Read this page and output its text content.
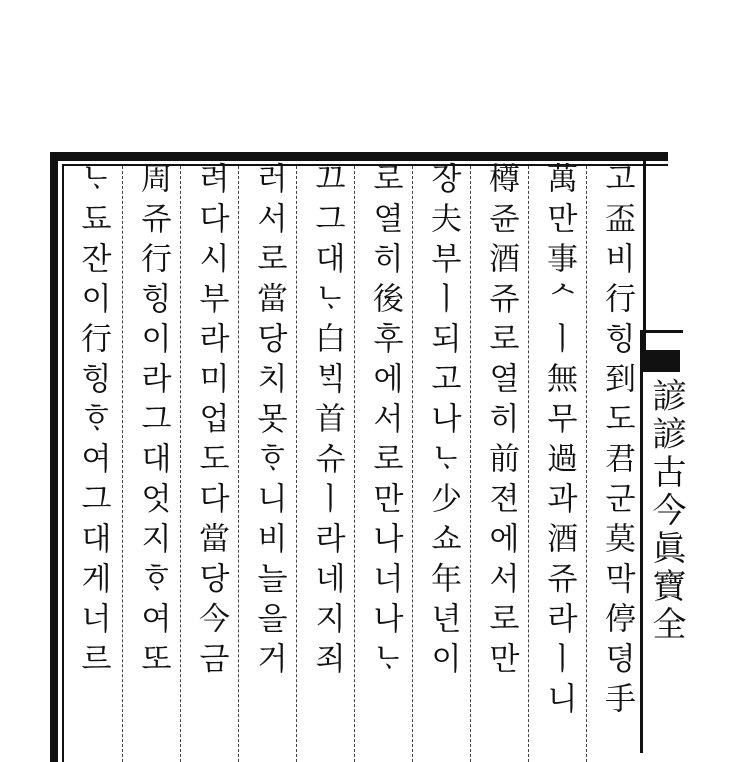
고盃비行힝到도君군莫막停뎡手
萬만事ᄉㅣ無무過과酒쥬라ㅣ니
樽쥰酒쥬로열히前젼에서로만
장夫부ㅣ되고나ᄂᆞ少쇼年년이
로열히後후에서로만나너나ᄂᆞ
끄그대ᄂᆞ白ᄇᆡᆨ首슈ㅣ라네지죄
러서로當당치못ᄒᆞ니비늘을거
려다시부라미업도다當당今금
周쥬行힝이라그대엇지ᄒᆞ여또
ᄂᆞ됴잔이行힝ᄒᆞ여그대게너르	諺諺古今眞寶全
